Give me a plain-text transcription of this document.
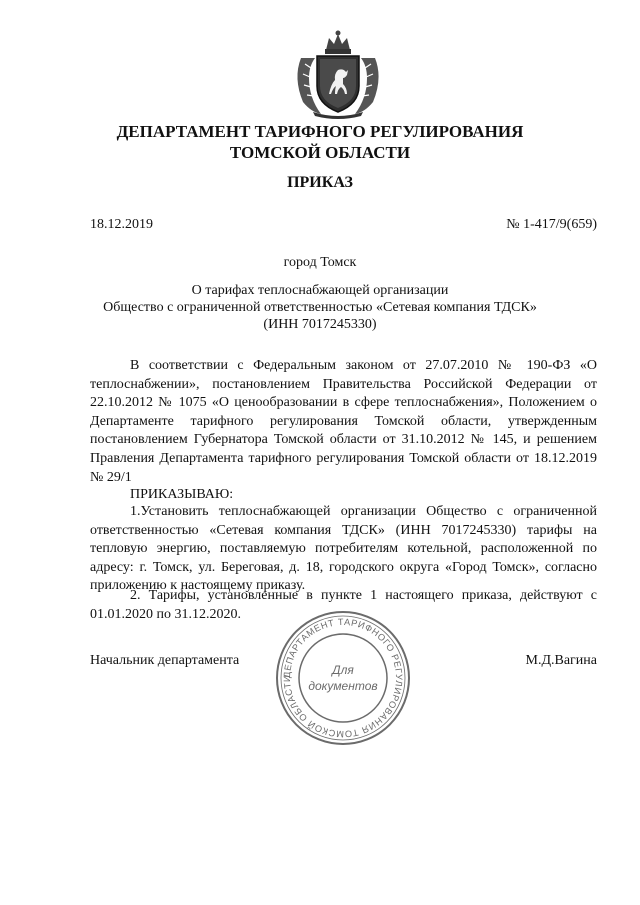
ДЕПАРТАМЕНТ ТАРИФНОГО РЕГУЛИРОВАНИЯ
ТОМСКОЙ ОБЛАСТИ
ПРИКАЗ
18.12.2019	№ 1-417/9(659)
город Томск
О тарифах теплоснабжающей организации
Общество с ограниченной ответственностью «Сетевая компания ТДСК»
(ИНН 7017245330)

В соответствии с Федеральным законом от 27.07.2010 № 190-ФЗ «О теплоснабжении», постановлением Правительства Российской Федерации от 22.10.2012 № 1075 «О ценообразовании в сфере теплоснабжения», Положением о Департаменте тарифного регулирования Томской области, утвержденным постановлением Губернатора Томской области от 31.10.2012 № 145, и решением Правления Департамента тарифного регулирования Томской области от 18.12.2019 № 29/1

ПРИКАЗЫВАЮ:

1.Установить теплоснабжающей организации Общество с ограниченной ответственностью «Сетевая компания ТДСК» (ИНН 7017245330) тарифы на тепловую энергию, поставляемую потребителям котельной, расположенной по адресу: г. Томск, ул. Береговая, д. 18, городского округа «Город Томск», согласно приложению к настоящему приказу.

2. Тарифы, установленные в пункте 1 настоящего приказа, действуют с 01.01.2020 по 31.12.2020.

Начальник департамента	М.Д.Вагина
ДЕПАРТАМЕНТ ТАРИФНОГО РЕГУЛИРОВАНИЯ ТОМСКОЙ ОБЛАСТИ
Для
документов
